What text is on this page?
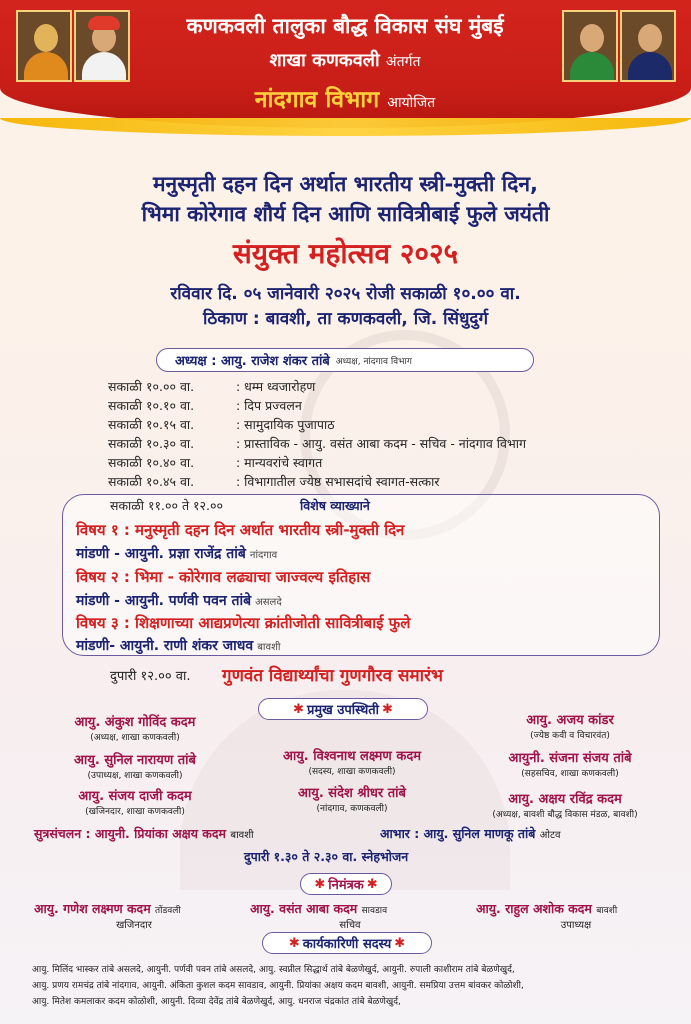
कणकवली तालुका बौद्ध विकास संघ मुंबई
शाखा कणकवली अंतर्गत
नांदगाव विभाग आयोजित
मनुस्मृती दहन दिन अर्थात भारतीय स्त्री-मुक्ती दिन,
भिमा कोरेगाव शौर्य दिन आणि सावित्रीबाई फुले जयंती
संयुक्त महोत्सव २०२५
रविवार दि. ०५ जानेवारी २०२५ रोजी सकाळी १०.०० वा.
ठिकाण : बावशी, ता कणकवली, जि. सिंधुदुर्ग
अध्यक्ष :
आयु. राजेश शंकर तांबे अध्यक्ष, नांदगाव विभाग
सकाळी १०.०० वा.	: धम्म ध्वजारोहण
सकाळी १०.१० वा.	: दिप प्रज्वलन
सकाळी १०.१५ वा.	: सामुदायिक पुजापाठ
सकाळी १०.३० वा.	: प्रास्ताविक - आयु. वसंत आबा कदम - सचिव - नांदगाव विभाग
सकाळी १०.४० वा.	: मान्यवरांचे स्वागत
सकाळी १०.४५ वा.	: विभागातील ज्येष्ठ सभासदांचे स्वागत-सत्कार
सकाळी ११.०० ते १२.००	विशेष व्याख्याने
विषय १ : मनुस्मृती दहन दिन अर्थात भारतीय स्त्री-मुक्ती दिन
मांडणी - आयुनी. प्रज्ञा राजेंद्र तांबे नांदगाव
विषय २ : भिमा - कोरेगाव लढ्याचा जाज्वल्य इतिहास
मांडणी - आयुनी. पर्णवी पवन तांबे असलदे
विषय ३ : शिक्षणाच्या आद्यप्रणेत्या क्रांतीजोती सावित्रीबाई फुले
मांडणी- आयुनी. राणी शंकर जाधव बावशी
दुपारी १२.०० वा. गुणवंत विद्यार्थ्यांचा गुणगौरव समारंभ
✱ प्रमुख उपस्थिती ✱
आयु. अंकुश गोविंद कदम
(अध्यक्ष, शाखा कणकवली)
आयु. सुनिल नारायण तांबे
(उपाध्यक्ष, शाखा कणकवली)
आयु. संजय दाजी कदम
(खजिनदार, शाखा कणकवली)
आयु. विश्वनाथ लक्ष्मण कदम
(सदस्य, शाखा कणकवली)
आयु. संदेश श्रीधर तांबे
(नांदगाव, कणकवली)
आयु. अजय कांडर
(ज्येष्ठ कवी व विचारवंत)
आयुनी. संजना संजय तांबे
(सहसचिव, शाखा कणकवली)
आयु. अक्षय रविंद्र कदम
(अध्यक्ष, बावशी बौद्ध विकास मंडळ, बावशी)
सुत्रसंचलन : आयुनी. प्रियांका अक्षय कदम बावशी	आभार : आयु. सुनिल माणकू तांबे ओटव
दुपारी १.३० ते २.३० वा. स्नेहभोजन
✱ निमंत्रक ✱
आयु. गणेश लक्ष्मण कदम तोंडवली
खजिनदार
आयु. वसंत आबा कदम सावडाव
सचिव
आयु. राहुल अशोक कदम बावशी
उपाध्यक्ष
✱ कार्यकारिणी सदस्य ✱
आयु. मिलिंद भास्कर तांबे असलदे, आयुनी. पर्णवी पवन तांबे असलदे, आयु. स्वप्नील सिद्धार्थ तांबे बेळणेखुर्द, आयुनी. रुपाली काशीराम तांबे बेळणेखुर्द,
आयु. प्रणय रामचंद्र तांबे नांदगाव, आयुनी. अंकिता कुशल कदम सावडाव, आयुनी. प्रियांका अक्षय कदम बावशी, आयुनी. समप्रिया उत्तम बांवकर कोळोशी,
आयु. मितेश कमलाकर कदम कोळोशी, आयुनी. दिव्या देवेंद्र तांबे बेळणेखुर्द, आयु. धनराज चंद्रकांत तांबे बेळणेखुर्द,
